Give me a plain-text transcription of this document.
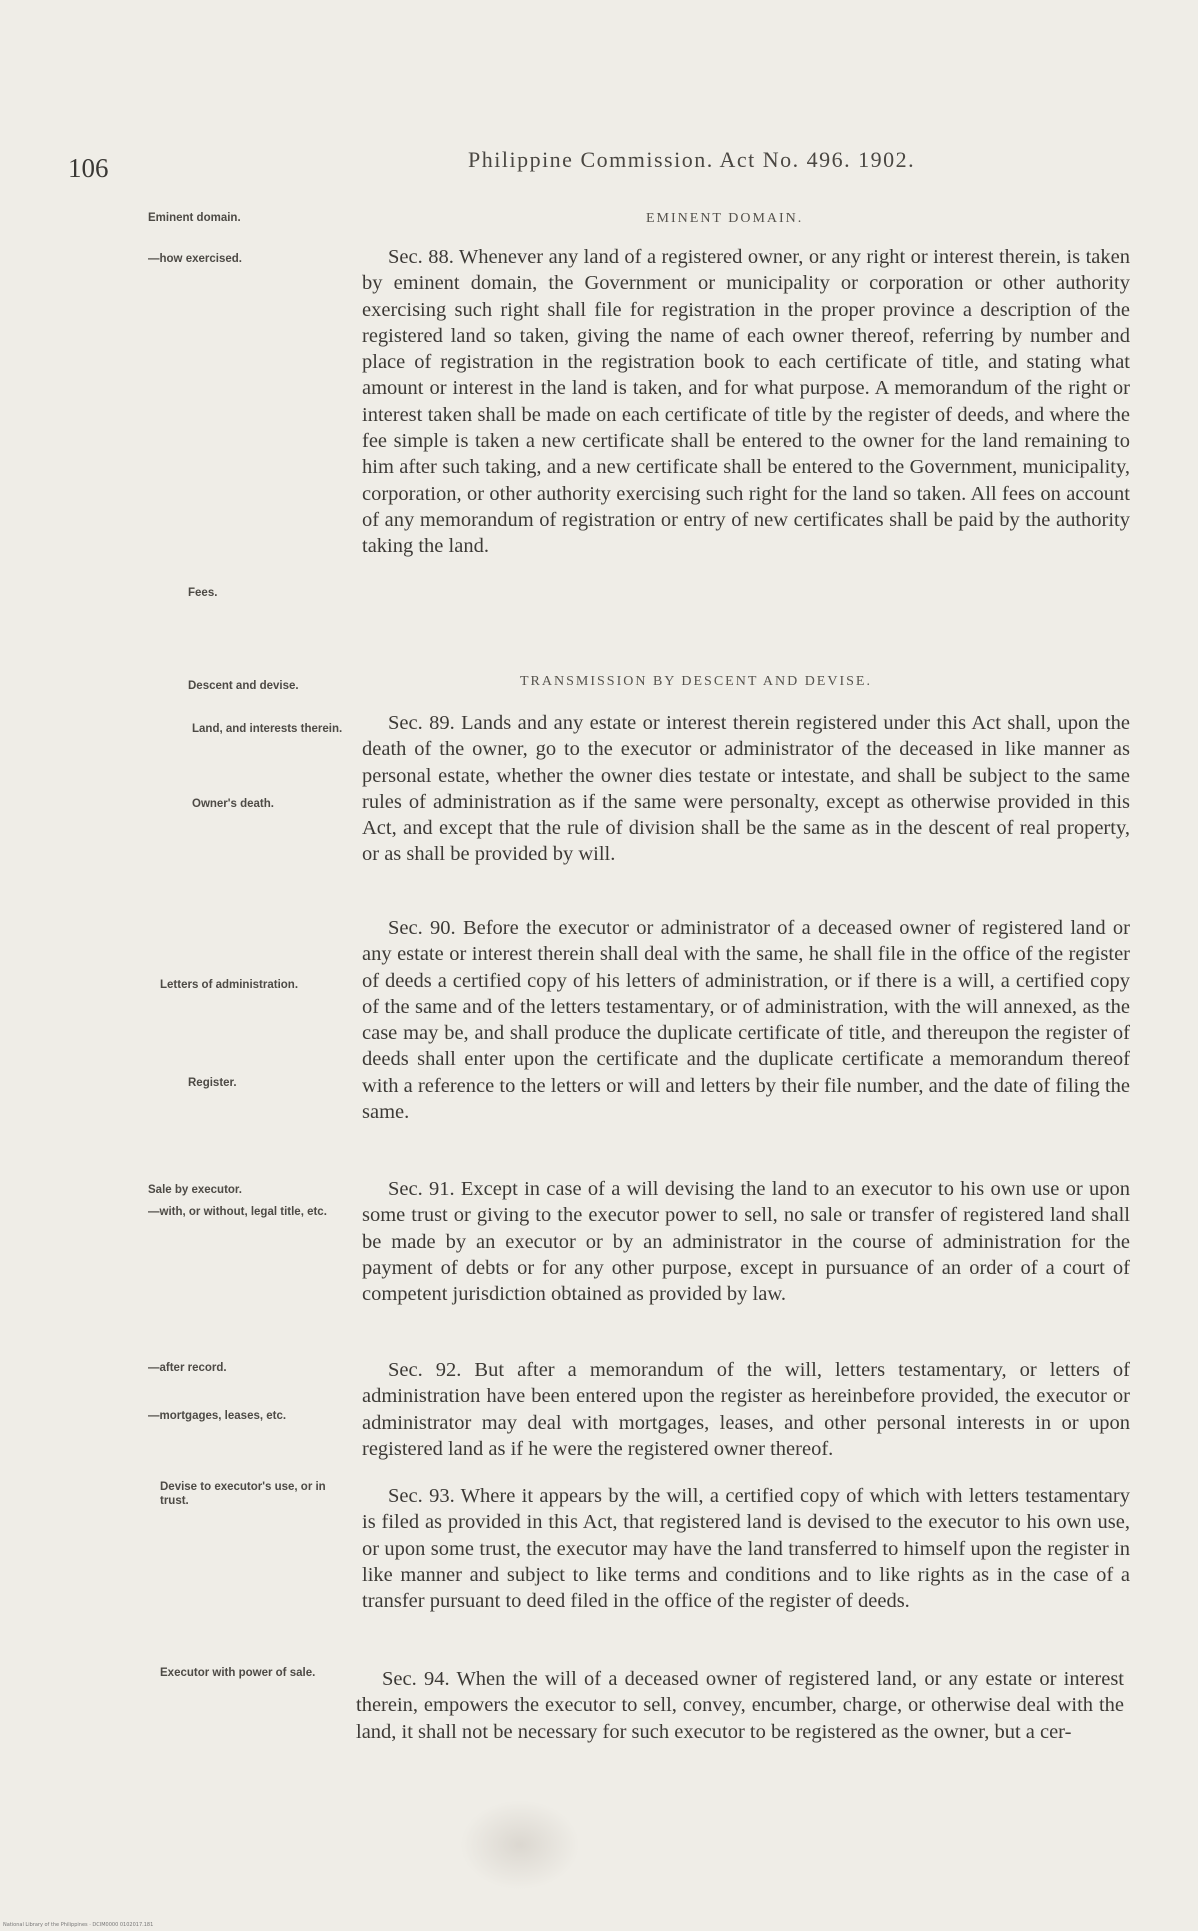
106	Philippine Commission. Act No. 496. 1902.
EMINENT DOMAIN.
Eminent domain.
—how exercised.
Fees.

Sec. 88. Whenever any land of a registered owner, or any right or interest therein, is taken by eminent domain, the Government or municipality or corporation or other authority exercising such right shall file for registration in the proper province a description of the registered land so taken, giving the name of each owner thereof, referring by number and place of registration in the registration book to each certificate of title, and stating what amount or interest in the land is taken, and for what purpose. A memorandum of the right or interest taken shall be made on each certificate of title by the register of deeds, and where the fee simple is taken a new certificate shall be entered to the owner for the land remaining to him after such taking, and a new certificate shall be entered to the Government, municipality, corporation, or other authority exercising such right for the land so taken. All fees on account of any memorandum of registration or entry of new certificates shall be paid by the authority taking the land.

TRANSMISSION BY DESCENT AND DEVISE.
Descent and devise.
Land, and interests therein.
Owner's death.

Sec. 89. Lands and any estate or interest therein registered under this Act shall, upon the death of the owner, go to the executor or administrator of the deceased in like manner as personal estate, whether the owner dies testate or intestate, and shall be subject to the same rules of administration as if the same were personalty, except as otherwise provided in this Act, and except that the rule of division shall be the same as in the descent of real property, or as shall be provided by will.

Letters of administration.
Register.

Sec. 90. Before the executor or administrator of a deceased owner of registered land or any estate or interest therein shall deal with the same, he shall file in the office of the register of deeds a certified copy of his letters of administration, or if there is a will, a certified copy of the same and of the letters testamentary, or of administration, with the will annexed, as the case may be, and shall produce the duplicate certificate of title, and thereupon the register of deeds shall enter upon the certificate and the duplicate certificate a memorandum thereof with a reference to the letters or will and letters by their file number, and the date of filing the same.

Sale by executor.
—with, or without, legal title, etc.

Sec. 91. Except in case of a will devising the land to an executor to his own use or upon some trust or giving to the executor power to sell, no sale or transfer of registered land shall be made by an executor or by an administrator in the course of administration for the payment of debts or for any other purpose, except in pursuance of an order of a court of competent jurisdiction obtained as provided by law.

—after record.
—mortgages, leases, etc.

Sec. 92. But after a memorandum of the will, letters testamentary, or letters of administration have been entered upon the register as hereinbefore provided, the executor or administrator may deal with mortgages, leases, and other personal interests in or upon registered land as if he were the registered owner thereof.

Devise to executor's use, or in trust.	Sec. 93. Where it appears by the will, a certified copy of which with letters testamentary is filed as provided in this Act, that registered land is devised to the executor to his own use, or upon some trust, the executor may have the land transferred to himself upon the register in like manner and subject to like terms and conditions and to like rights as in the case of a transfer pursuant to deed filed in the office of the register of deeds.

Executor with power of sale.	Sec. 94. When the will of a deceased owner of registered land, or any estate or interest therein, empowers the executor to sell, convey, encumber, charge, or otherwise deal with the land, it shall not be necessary for such executor to be registered as the owner, but a cer-

National Library of the Philippines · DCIM0000 0102017.181
